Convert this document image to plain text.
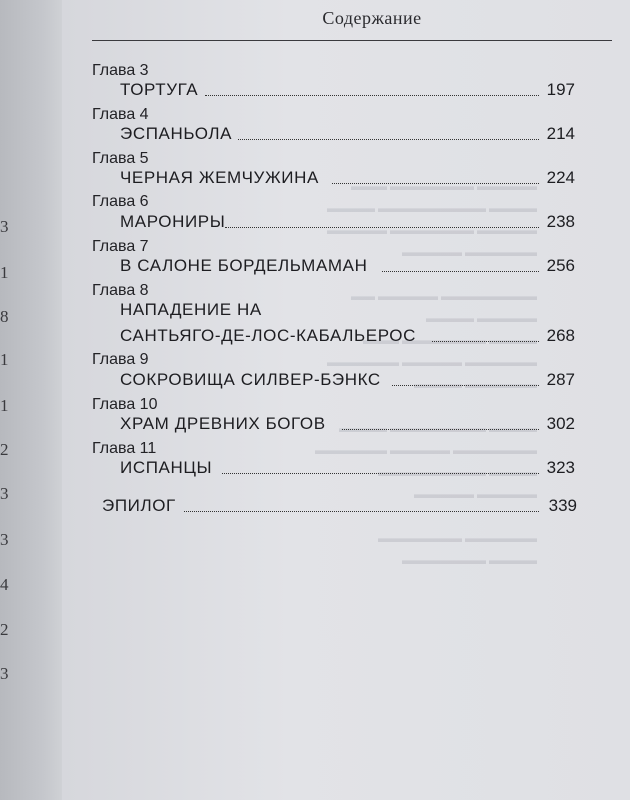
3
1
8
1
1
2
3
3
4
2
3
▬▬▬▬▬ ▬▬▬▬▬▬▬ ▬▬▬
▬▬▬▬ ▬▬▬▬▬▬▬▬▬ ▬▬▬▬
▬▬▬▬▬ ▬▬▬▬▬▬▬ ▬▬▬▬▬
▬▬▬▬▬▬ ▬▬▬▬▬

▬▬▬▬▬▬▬▬ ▬▬▬▬▬ ▬▬
▬▬▬▬▬ ▬▬▬▬
▬▬▬▬ ▬▬▬▬▬▬▬ ▬▬▬
▬▬▬▬▬▬ ▬▬▬▬▬ ▬▬▬▬▬▬
▬▬▬▬▬▬ ▬▬▬▬

▬▬▬▬ ▬▬▬▬▬▬▬▬ ▬▬▬▬
▬▬▬▬▬▬▬ ▬▬▬▬▬ ▬▬▬▬▬▬
▬▬▬▬ ▬▬▬▬▬▬▬▬▬
▬▬▬▬▬ ▬▬▬▬▬

▬▬▬▬▬▬ ▬▬▬▬▬▬▬
▬▬▬▬ ▬▬▬▬▬▬▬
Содержание
Глава 3
ТОРТУГА	197
Глава 4
ЭСПАНЬОЛА	214
Глава 5
ЧЕРНАЯ ЖЕМЧУЖИНА	224
Глава 6
МАРОНИРЫ	238
Глава 7
В САЛОНЕ БОРДЕЛЬМАМАН	256
Глава 8
НАПАДЕНИЕ НА
САНТЬЯГО-ДЕ-ЛОС-КАБАЛЬЕРОС	268
Глава 9
СОКРОВИЩА СИЛВЕР-БЭНКС	287
Глава 10
ХРАМ ДРЕВНИХ БОГОВ	302
Глава 11
ИСПАНЦЫ	323
ЭПИЛОГ	339
